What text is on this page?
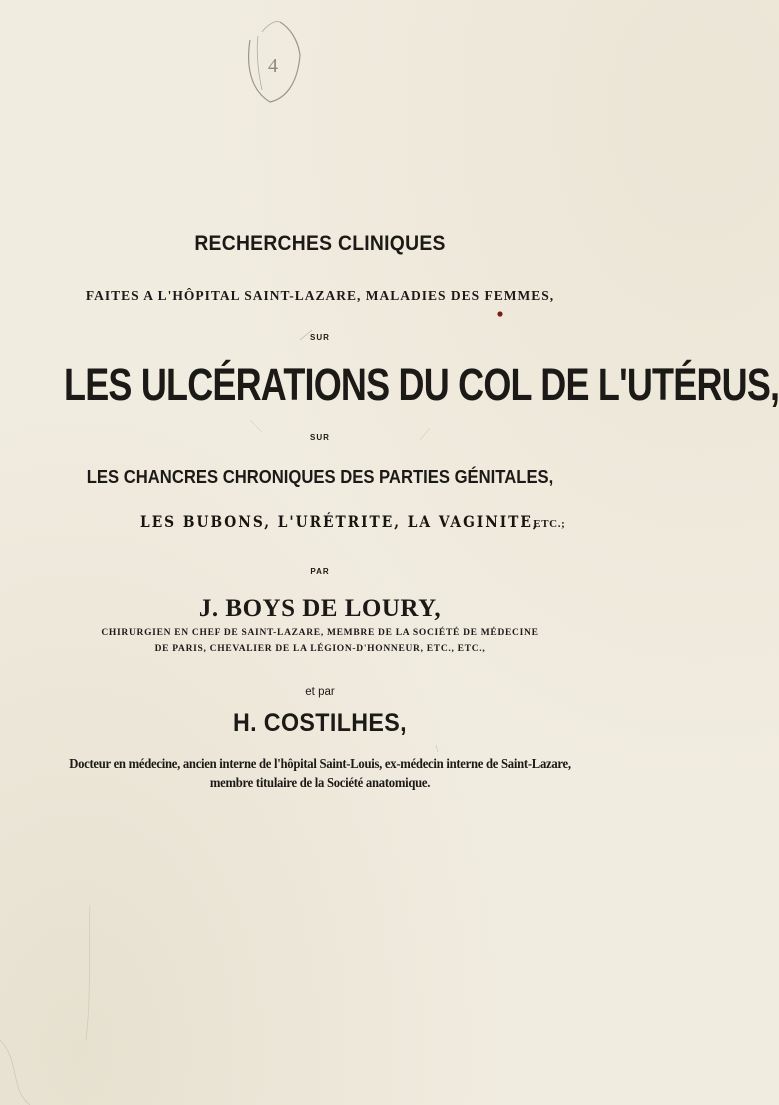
4
RECHERCHES CLINIQUES
FAITES A L'HÔPITAL SAINT-LAZARE, MALADIES DES FEMMES,
SUR
LES ULCÉRATIONS DU COL DE L'UTÉRUS,
SUR
LES CHANCRES CHRONIQUES DES PARTIES GÉNITALES,
LES BUBONS, L'URÉTRITE, LA VAGINITE, ETC.;
PAR
J. BOYS DE LOURY,
CHIRURGIEN EN CHEF DE SAINT-LAZARE, MEMBRE DE LA SOCIÉTÉ DE MÉDECINE
DE PARIS, CHEVALIER DE LA LÉGION-D'HONNEUR, ETC., ETC.,
et par
H. COSTILHES,
Docteur en médecine, ancien interne de l'hôpital Saint-Louis, ex-médecin interne de Saint-Lazare,
membre titulaire de la Société anatomique.
